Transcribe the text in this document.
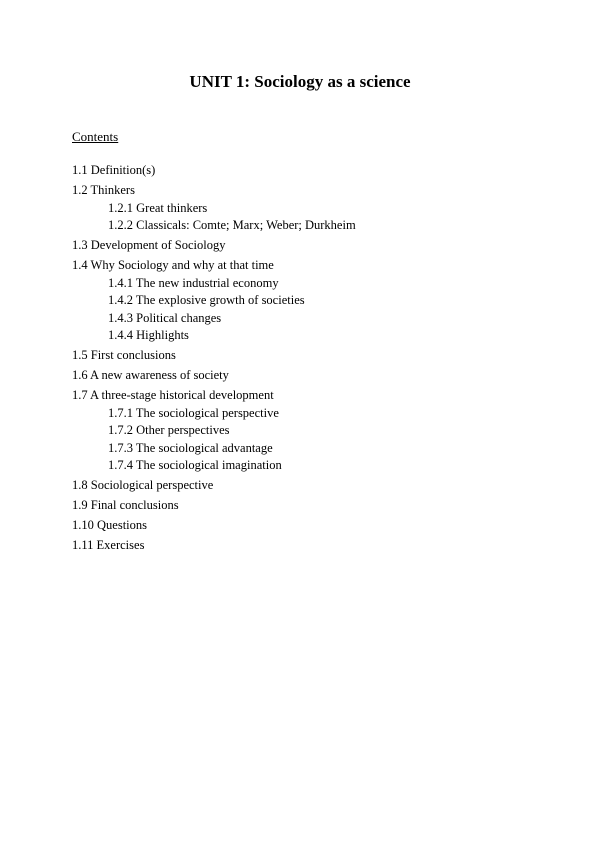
UNIT 1: Sociology as a science
Contents
1.1 Definition(s)
1.2 Thinkers
1.2.1 Great thinkers
1.2.2 Classicals: Comte; Marx; Weber; Durkheim
1.3 Development of Sociology
1.4 Why Sociology and why at that time
1.4.1 The new industrial economy
1.4.2 The explosive growth of societies
1.4.3 Political changes
1.4.4 Highlights
1.5 First conclusions
1.6 A new awareness of society
1.7 A three-stage historical development
1.7.1 The sociological perspective
1.7.2 Other perspectives
1.7.3 The sociological advantage
1.7.4 The sociological imagination
1.8 Sociological perspective
1.9 Final conclusions
1.10 Questions
1.11 Exercises
